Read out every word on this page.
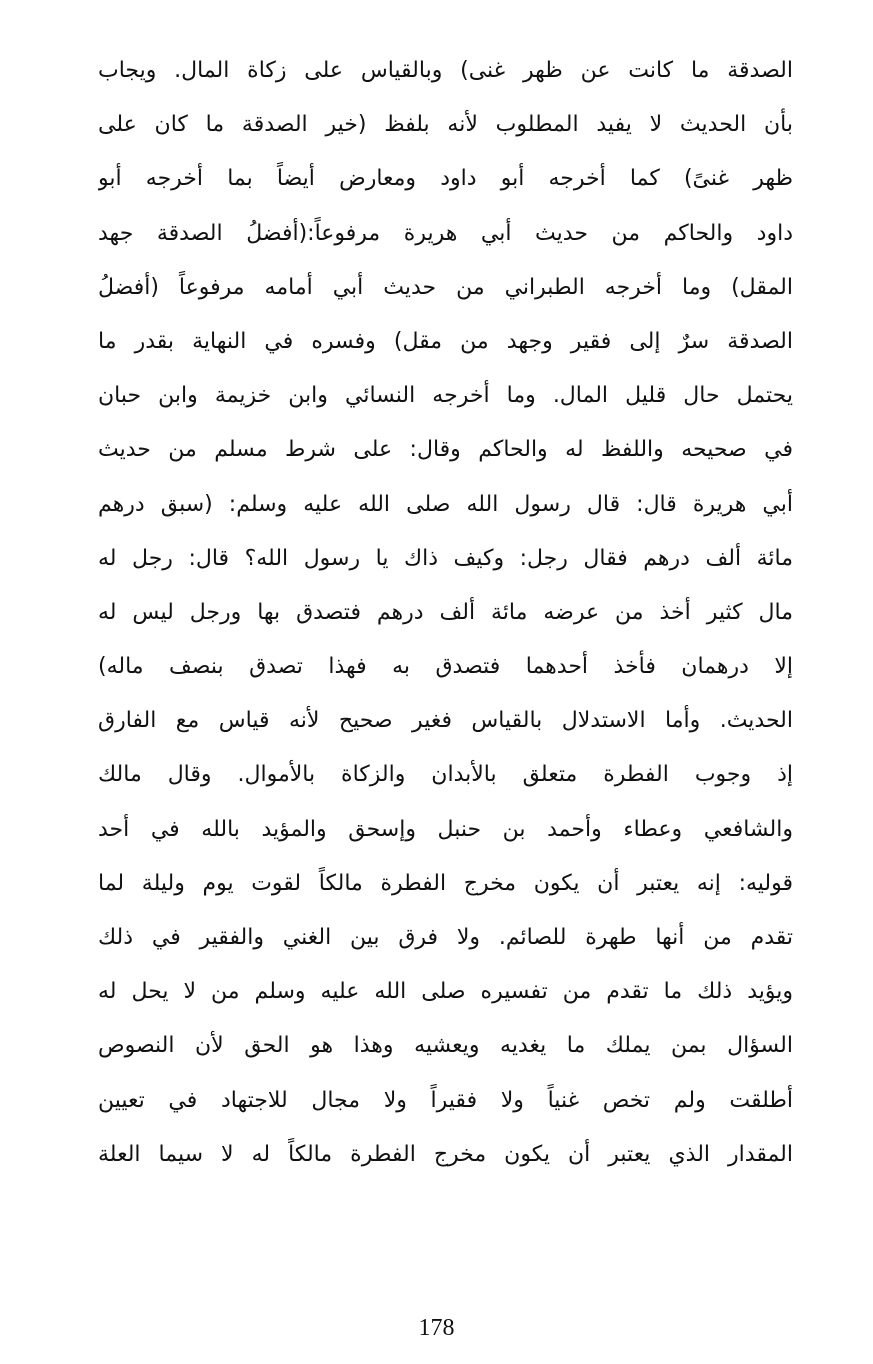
الصدقة ما كانت عن ظهر غنى) وبالقياس على زكاة المال. ويجاب
بأن الحديث لا يفيد المطلوب لأنه بلفظ (خير الصدقة ما كان على
ظهر غنىً) كما أخرجه أبو داود ومعارض أيضاً بما أخرجه أبو
داود والحاكم من حديث أبي هريرة مرفوعاً:(أفضلُ الصدقة جهد
المقل) وما أخرجه الطبراني من حديث أبي أمامه مرفوعاً (أفضلُ
الصدقة سرٌ إلى فقير وجهد من مقل) وفسره في النهاية بقدر ما
يحتمل حال قليل المال. وما أخرجه النسائي وابن خزيمة وابن حبان
في صحيحه واللفظ له والحاكم وقال: على شرط مسلم من حديث
أبي هريرة قال: قال رسول الله صلى الله عليه وسلم: (سبق درهم
مائة ألف درهم فقال رجل: وكيف ذاك يا رسول الله؟ قال: رجل له
مال كثير أخذ من عرضه مائة ألف درهم فتصدق بها ورجل ليس له
إلا درهمان فأخذ أحدهما فتصدق به فهذا تصدق بنصف ماله)
الحديث. وأما الاستدلال بالقياس فغير صحيح لأنه قياس مع الفارق
إذ وجوب الفطرة متعلق بالأبدان والزكاة بالأموال. وقال مالك
والشافعي وعطاء وأحمد بن حنبل وإسحق والمؤيد بالله في أحد
قوليه: إنه يعتبر أن يكون مخرج الفطرة مالكاً لقوت يوم وليلة لما
تقدم من أنها طهرة للصائم. ولا فرق بين الغني والفقير في ذلك
ويؤيد ذلك ما تقدم من تفسيره صلى الله عليه وسلم من لا يحل له
السؤال بمن يملك ما يغديه ويعشيه وهذا هو الحق لأن النصوص
أطلقت ولم تخص غنياً ولا فقيراً ولا مجال للاجتهاد في تعيين
المقدار الذي يعتبر أن يكون مخرج الفطرة مالكاً له لا سيما العلة
178
